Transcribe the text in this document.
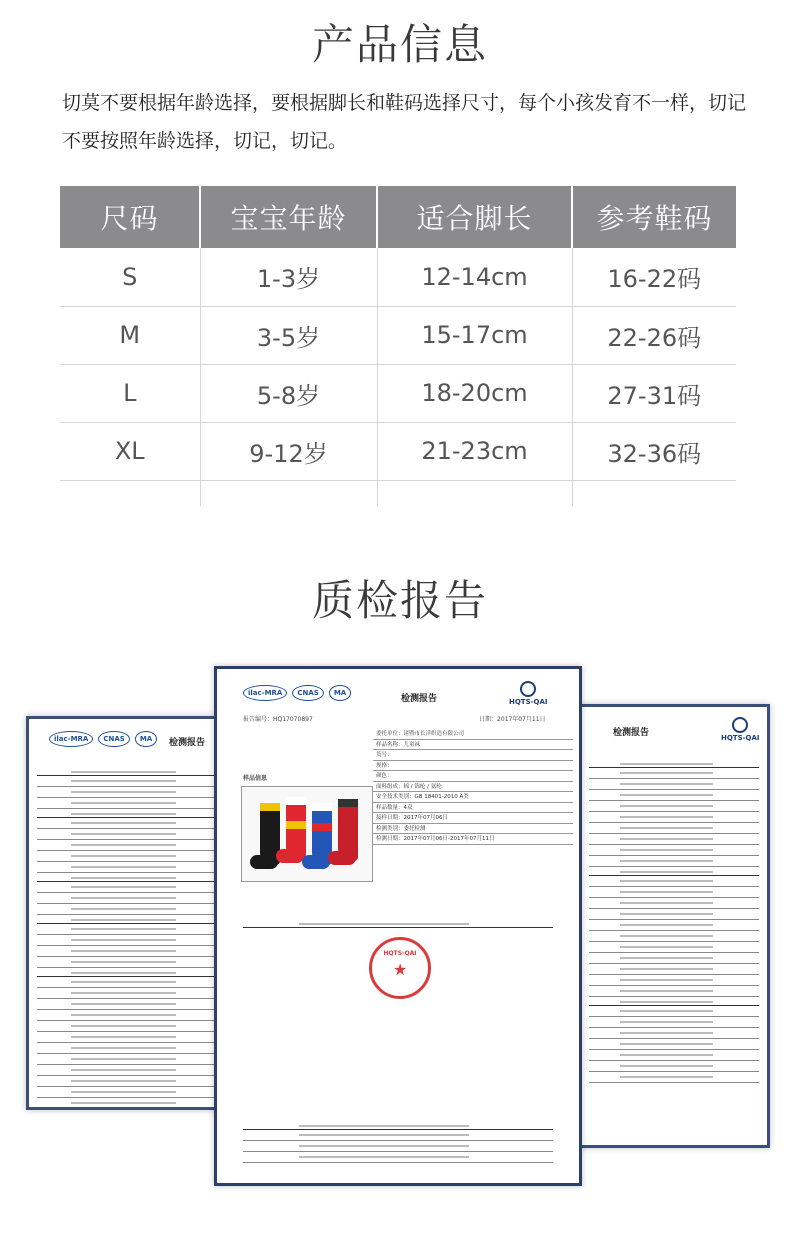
产品信息
切莫不要根据年龄选择，要根据脚长和鞋码选择尺寸，每个小孩发育不一样，切记不要按照年龄选择，切记，切记。
尺码	宝宝年龄	适合脚长	参考鞋码
S	1-3岁	12-14cm	16-22码
M	3-5岁	15-17cm	22-26码
L	5-8岁	18-20cm	27-31码
XL	9-12岁	21-23cm	32-36码

质检报告
ilac-MRA	CNAS	MA	检测报告
检测报告	HQTS-QAI
ilac-MRA	CNAS	MA
检测报告	HQTS-QAI
报告编号：HQ17070897	日期：2017年07月11日
样品信息
委托单位：诸暨市长洋织造有限公司
样品名称：儿童袜
货号：
规格：
颜色：
面料组成：棉 / 锦纶 / 氨纶
安全技术类别：GB 18401-2010 A类
样品数量：4双
接样日期：2017年07月06日
检测类别：委托检测
检测日期：2017年07月06日-2017年07月11日
HQTS-QAI
★
